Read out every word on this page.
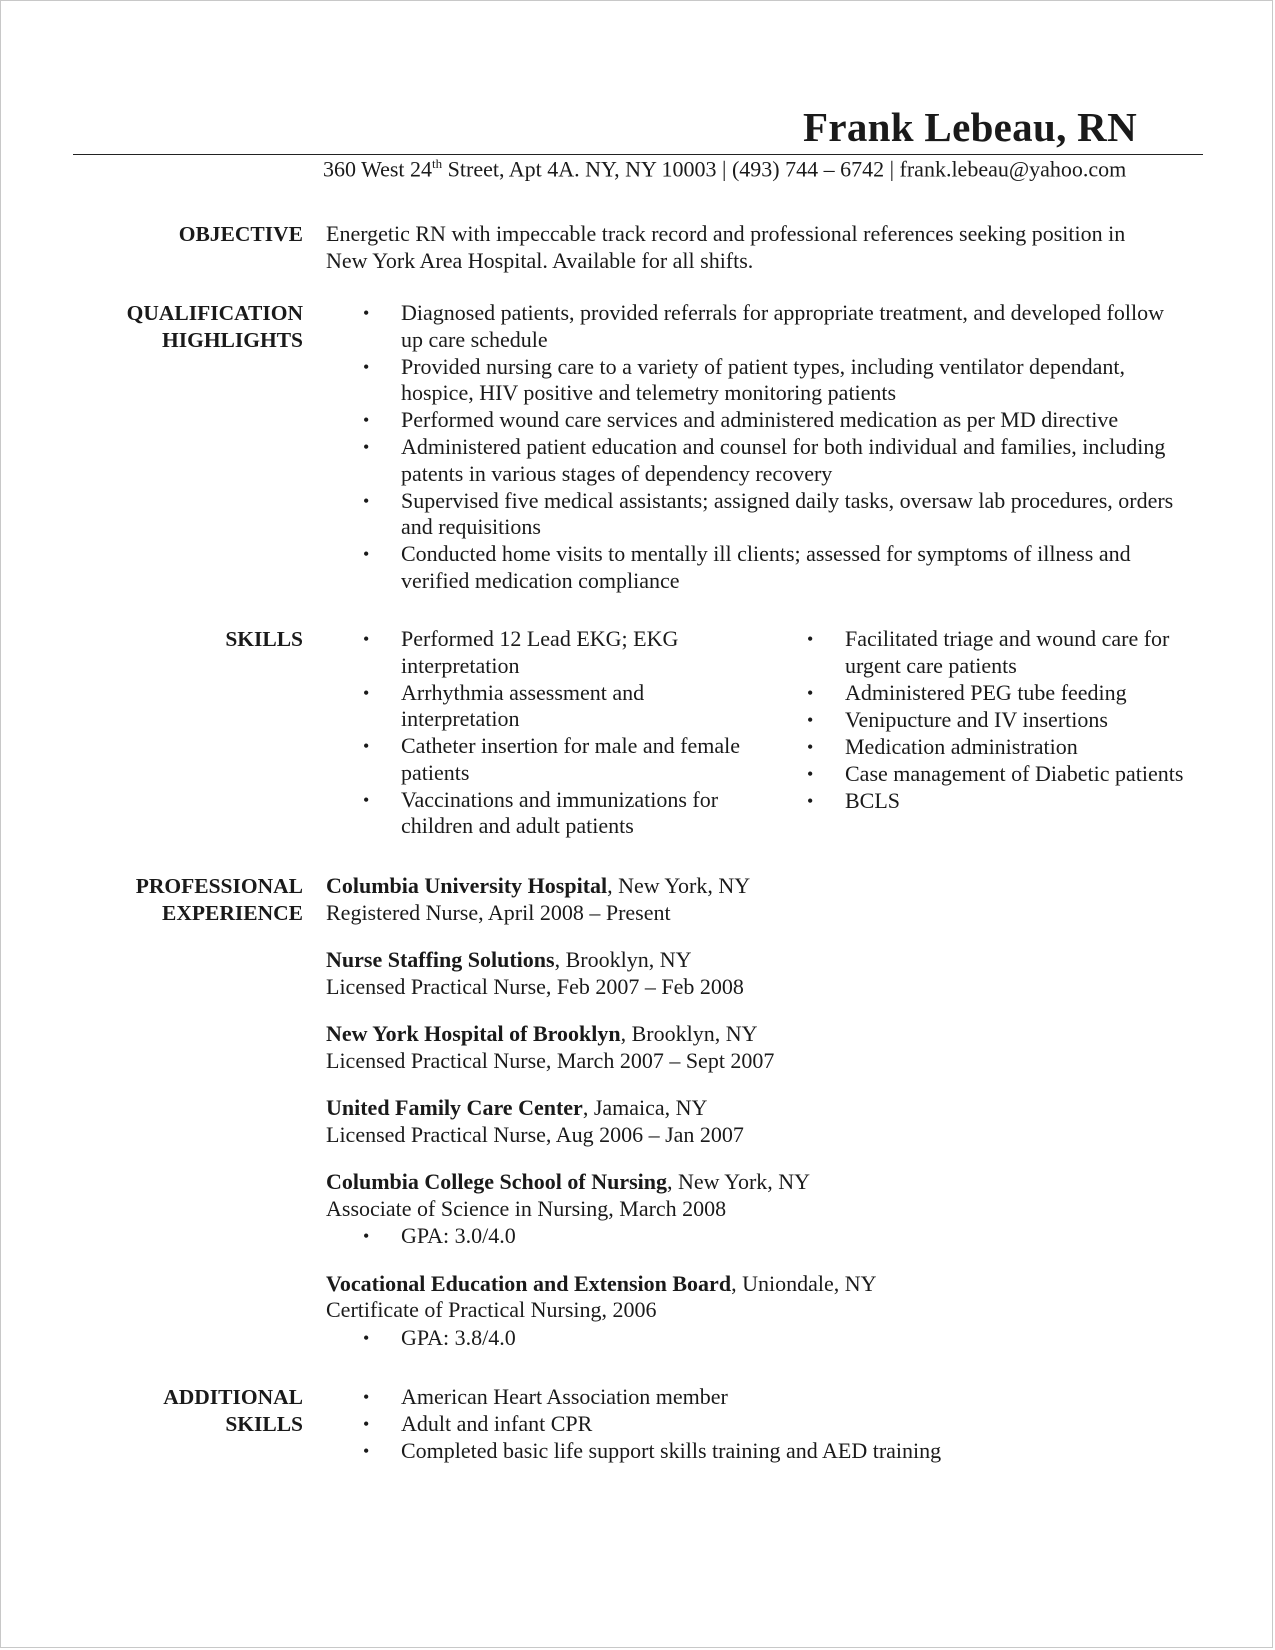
Frank Lebeau, RN
360 West 24th Street, Apt 4A. NY, NY 10003 | (493) 744 – 6742 | frank.lebeau@yahoo.com
OBJECTIVE Energetic RN with impeccable track record and professional references seeking position in New York Area Hospital. Available for all shifts.
QUALIFICATION
HIGHLIGHTS
• Diagnosed patients, provided referrals for appropriate treatment, and developed follow up care schedule
• Provided nursing care to a variety of patient types, including ventilator dependant, hospice, HIV positive and telemetry monitoring patients
• Performed wound care services and administered medication as per MD directive
• Administered patient education and counsel for both individual and families, including patents in various stages of dependency recovery
• Supervised five medical assistants; assigned daily tasks, oversaw lab procedures, orders and requisitions
• Conducted home visits to mentally ill clients; assessed for symptoms of illness and verified medication compliance
SKILLS	• Performed 12 Lead EKG; EKG interpretation
• Arrhythmia assessment and interpretation
• Catheter insertion for male and female patients
• Vaccinations and immunizations for children and adult patients
• Facilitated triage and wound care for urgent care patients
• Administered PEG tube feeding
• Venipucture and IV insertions
• Medication administration
• Case management of Diabetic patients
• BCLS
PROFESSIONAL
EXPERIENCE
Columbia University Hospital, New York, NY
Registered Nurse, April 2008 – Present
Nurse Staffing Solutions, Brooklyn, NY
Licensed Practical Nurse, Feb 2007 – Feb 2008
New York Hospital of Brooklyn, Brooklyn, NY
Licensed Practical Nurse, March 2007 – Sept 2007
United Family Care Center, Jamaica, NY
Licensed Practical Nurse, Aug 2006 – Jan 2007
Columbia College School of Nursing, New York, NY
Associate of Science in Nursing, March 2008
• GPA: 3.0/4.0
Vocational Education and Extension Board, Uniondale, NY
Certificate of Practical Nursing, 2006
• GPA: 3.8/4.0
ADDITIONAL
SKILLS
• American Heart Association member
• Adult and infant CPR
• Completed basic life support skills training and AED training
